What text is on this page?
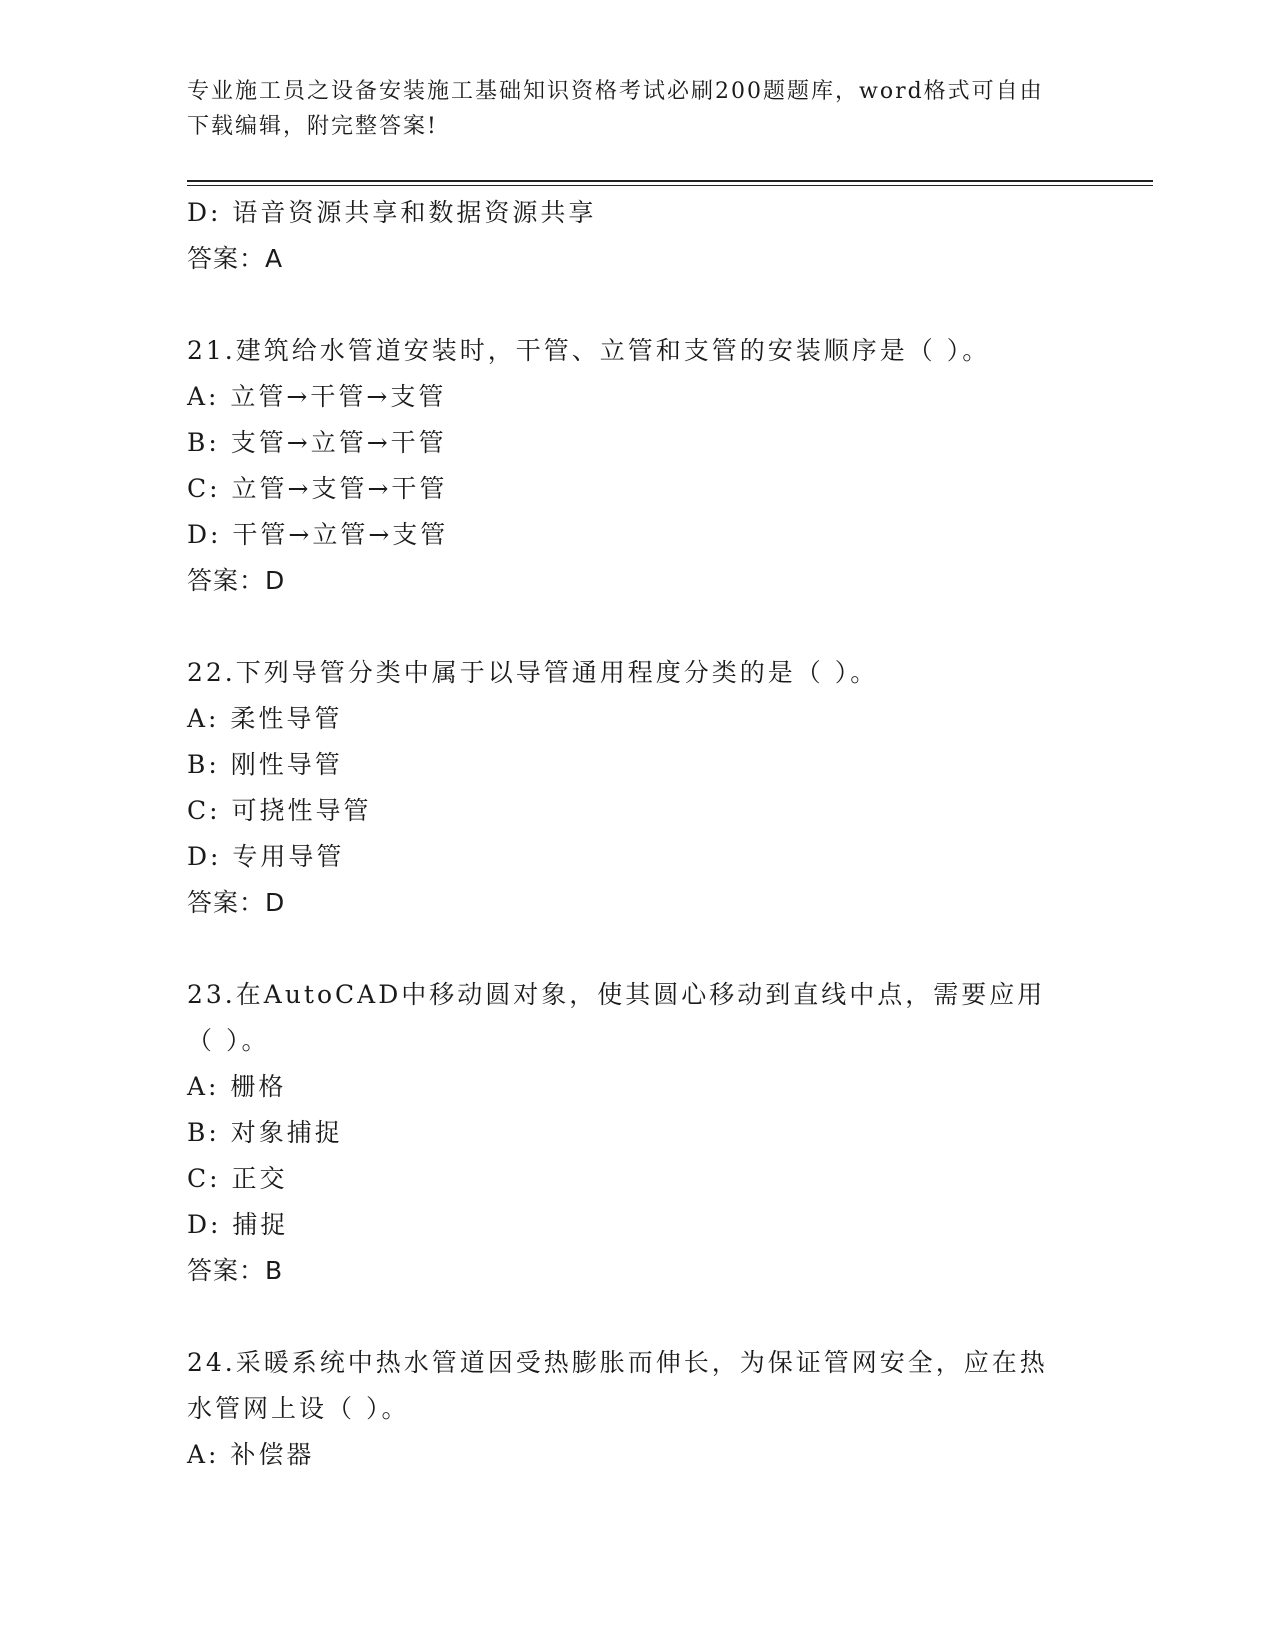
专业施工员之设备安装施工基础知识资格考试必刷200题题库，word格式可自由下载编辑，附完整答案!
D: 语音资源共享和数据资源共享
答案：A
21.建筑给水管道安装时，干管、立管和支管的安装顺序是（ ）。
A: 立管→干管→支管
B: 支管→立管→干管
C: 立管→支管→干管
D: 干管→立管→支管
答案：D
22.下列导管分类中属于以导管通用程度分类的是（ ）。
A: 柔性导管
B: 刚性导管
C: 可挠性导管
D: 专用导管
答案：D
23.在AutoCAD中移动圆对象，使其圆心移动到直线中点，需要应用（ ）。
A: 栅格
B: 对象捕捉
C: 正交
D: 捕捉
答案：B
24.采暖系统中热水管道因受热膨胀而伸长，为保证管网安全，应在热水管网上设（ ）。
A: 补偿器
